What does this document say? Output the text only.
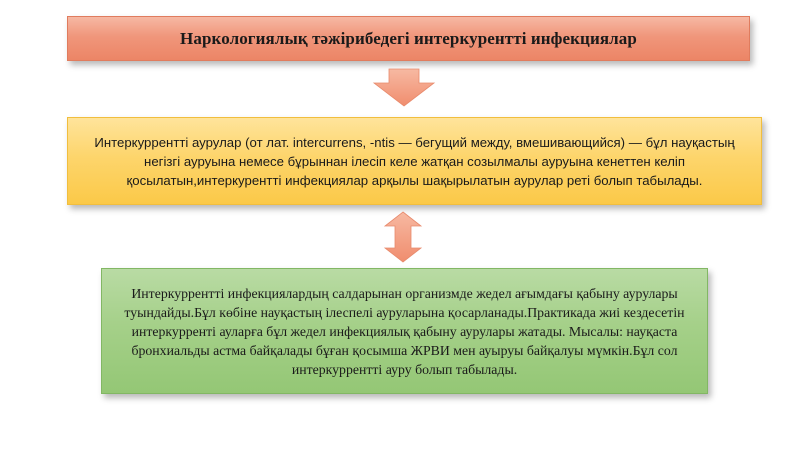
Наркологиялық тәжірибедегі интеркурентті инфекциялар
Интеркуррентті аурулар (от лат. intercurrens, -ntis — бегущий между, вмешивающийся) — бұл науқастың негізгі ауруына немесе бұрыннан ілесіп келе жатқан созылмалы ауруына кенеттен келіп қосылатын,интеркурентті инфекциялар арқылы шақырылатын аурулар реті болып табылады.
Интеркуррентті инфекциялардың салдарынан организмде жедел ағымдағы қабыну аурулары туындайды.Бұл көбіне науқастың ілеспелі ауруларына қосарланады.Практикада жиі кездесетін интеркуррентi ауларға бұл жедел инфекциялық қабыну аурулары жатады. Мысалы: науқаста бронхиальды астма байқалады бұған қосымша ЖРВИ мен ауыруы байқалуы мүмкін.Бұл сол интеркуррентті ауру болып табылады.
